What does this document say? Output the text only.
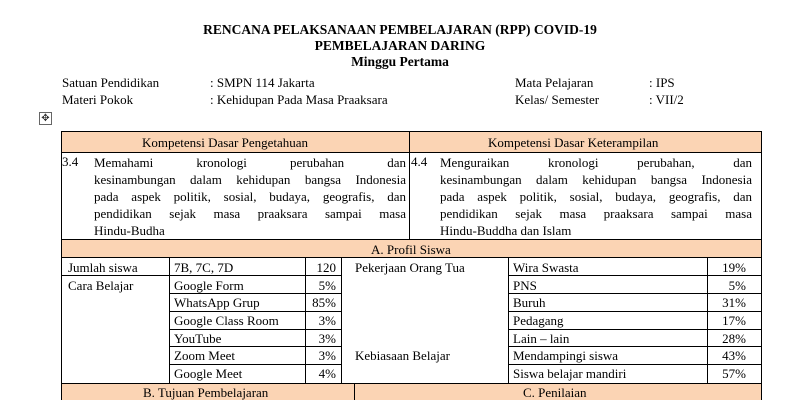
RENCANA PELAKSANAAN PEMBELAJARAN (RPP) COVID-19
PEMBELAJARAN DARING
Minggu Pertama
Satuan Pendidikan	: SMPN 114 Jakarta
Materi Pokok	: Kehidupan Pada Masa Praaksara
Mata Pelajaran	: IPS
Kelas/ Semester	: VII/2
✥
Kompetensi Dasar Pengetahuan	Kompetensi Dasar Keterampilan
3.4 Memahami kronologi perubahan dan
kesinambungan dalam kehidupan bangsa Indonesia
pada aspek politik, sosial, budaya, geografis, dan
pendidikan sejak masa praaksara sampai masa
Hindu-Budha
4.4 Menguraikan kronologi perubahan, dan
kesinambungan dalam kehidupan bangsa Indonesia
pada aspek politik, sosial, budaya, geografis, dan
pendidikan sejak masa praaksara sampai masa
Hindu-Buddha dan Islam
A. Profil Siswa
Jumlah siswa	7B, 7C, 7D	120
Cara Belajar	Google Form	5%
WhatsApp Grup	85%
Google Class Room	3%
YouTube	3%
Zoom Meet	3%
Google Meet	4%
Pekerjaan Orang Tua	Wira Swasta	19%
PNS	5%
Buruh	31%
Pedagang	17%
Lain – lain	28%
Kebiasaan Belajar	Mendampingi siswa	43%
Siswa belajar mandiri	57%
B. Tujuan Pembelajaran	C. Penilaian
